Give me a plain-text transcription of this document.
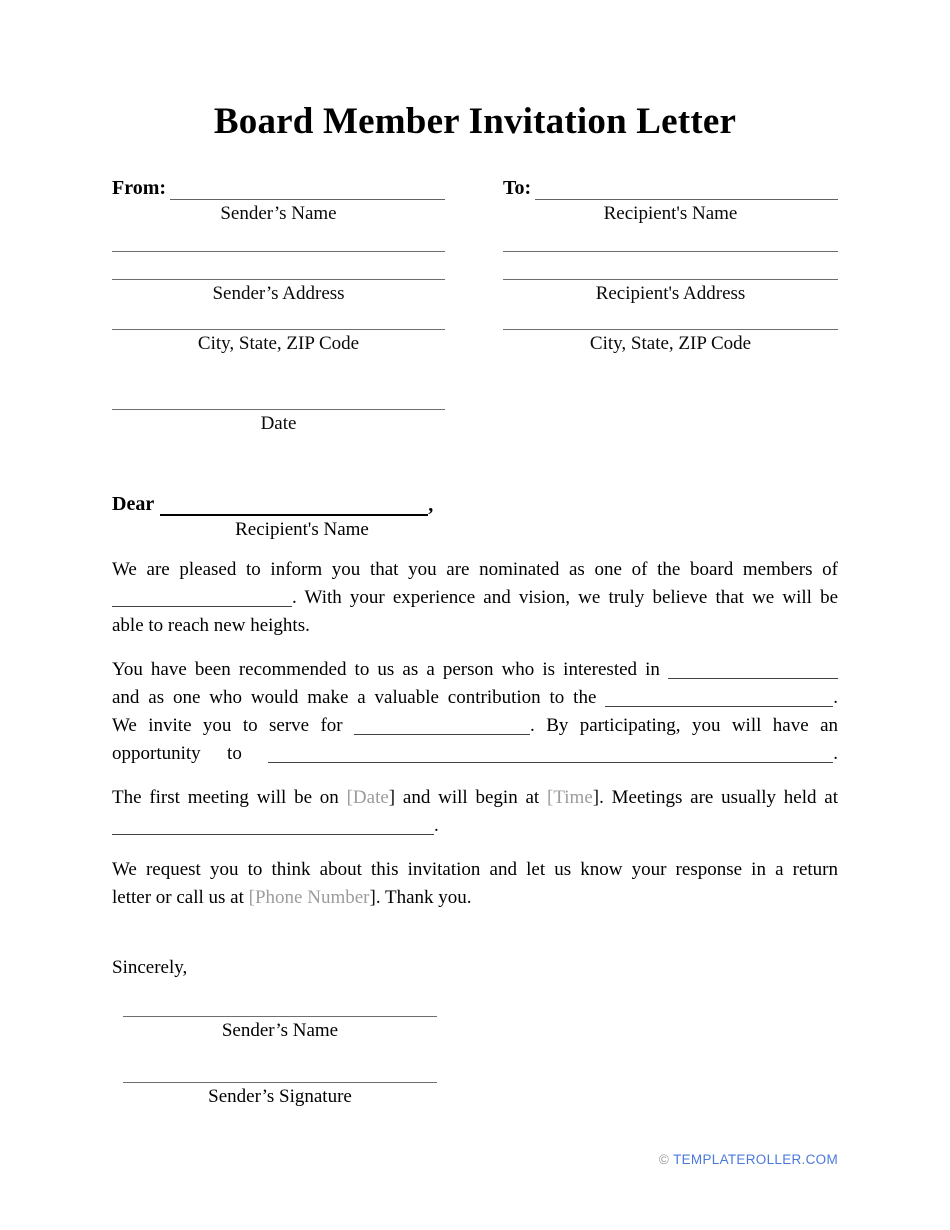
Board Member Invitation Letter
From:
Sender’s Name
Sender’s Address
City, State, ZIP Code
Date
To:
Recipient's Name
Recipient's Address
City, State, ZIP Code
Dear	,
Recipient's Name
We are pleased to inform you that you are nominated as one of the board members of
. With your experience and vision, we truly believe that we will be
able to reach new heights.
You have been recommended to us as a person who is interested in
and as one who would make a valuable contribution to the	.
We invite you to serve for	. By participating, you will have an
opportunity to	.
The first meeting will be on [Date] and will begin at [Time]. Meetings are usually held at
.
We request you to think about this invitation and let us know your response in a return
letter or call us at [Phone Number]. Thank you.
Sincerely,
Sender’s Name
Sender’s Signature
© TEMPLATEROLLER.COM
